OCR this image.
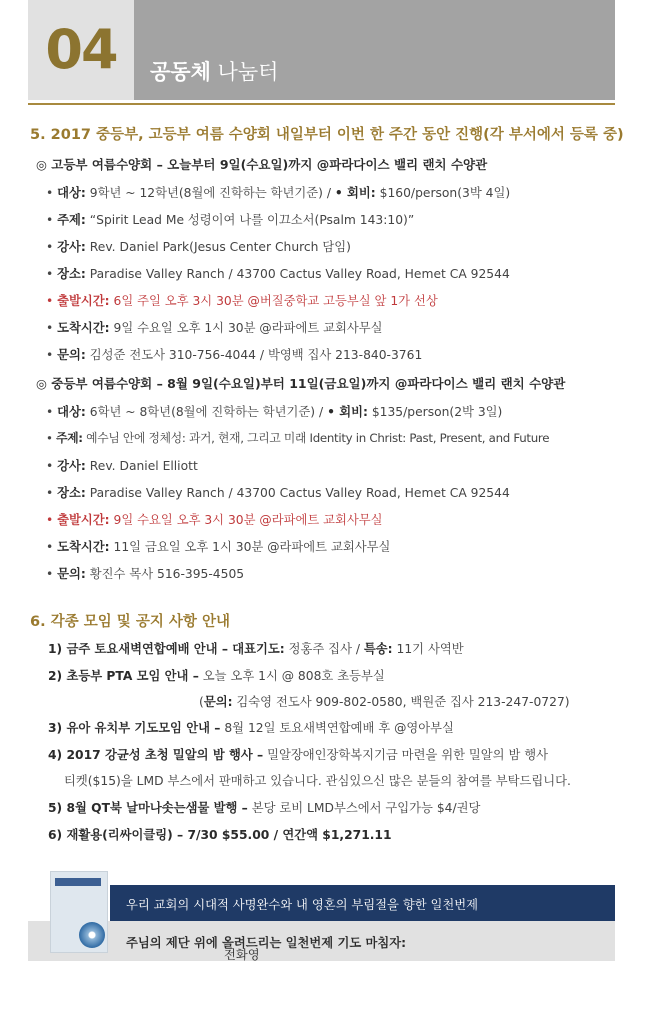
04	공동체 나눔터
5. 2017 중등부, 고등부 여름 수양회 내일부터 이번 한 주간 동안 진행(각 부서에서 등록 중)
◎ 고등부 여름수양회 – 오늘부터 9일(수요일)까지 @파라다이스 밸리 랜치 수양관
• 대상: 9학년 ~ 12학년(8월에 진학하는 학년기준) / • 회비: $160/person(3박 4일)
• 주제: “Spirit Lead Me 성령이여 나를 이끄소서(Psalm 143:10)”
• 강사: Rev. Daniel Park(Jesus Center Church 담임)
• 장소: Paradise Valley Ranch / 43700 Cactus Valley Road, Hemet CA 92544
• 출발시간: 6일 주일 오후 3시 30분 @버질중학교 고등부실 앞 1가 선상
• 도착시간: 9일 수요일 오후 1시 30분 @라파에트 교회사무실
• 문의: 김성준 전도사 310-756-4044 / 박영백 집사 213-840-3761
◎ 중등부 여름수양회 – 8월 9일(수요일)부터 11일(금요일)까지 @파라다이스 밸리 랜치 수양관
• 대상: 6학년 ~ 8학년(8월에 진학하는 학년기준) / • 회비: $135/person(2박 3일)
• 주제: 예수님 안에 정체성: 과거, 현재, 그리고 미래 Identity in Christ: Past, Present, and Future
• 강사: Rev. Daniel Elliott
• 장소: Paradise Valley Ranch / 43700 Cactus Valley Road, Hemet CA 92544
• 출발시간: 9일 수요일 오후 3시 30분 @라파에트 교회사무실
• 도착시간: 11일 금요일 오후 1시 30분 @라파에트 교회사무실
• 문의: 황진수 목사 516-395-4505
6. 각종 모임 및 공지 사항 안내
1) 금주 토요새벽연합예배 안내 – 대표기도: 정홍주 집사 / 특송: 11기 사역반
2) 초등부 PTA 모임 안내 – 오늘 오후 1시 @ 808호 초등부실
(문의: 김숙영 전도사 909-802-0580, 백원준 집사 213-247-0727)
3) 유아 유치부 기도모임 안내 – 8월 12일 토요새벽연합예배 후 @영아부실
4) 2017 강균성 초청 밀알의 밤 행사 – 밀알장애인장학복지기금 마련을 위한 밀알의 밤 행사
티켓($15)을 LMD 부스에서 판매하고 있습니다. 관심있으신 많은 분들의 참여를 부탁드립니다.
5) 8월 QT북 날마나솟는샘물 발행 – 본당 로비 LMD부스에서 구입가능 $4/권당
6) 재활용(리싸이클링) – 7/30 $55.00 / 연간액 $1,271.11
주님의 제단 위에 올려드리는 일천번제 기도 마침자:
전화영
우리 교회의 시대적 사명완수와 내 영혼의 부림절을 향한 일천번제
